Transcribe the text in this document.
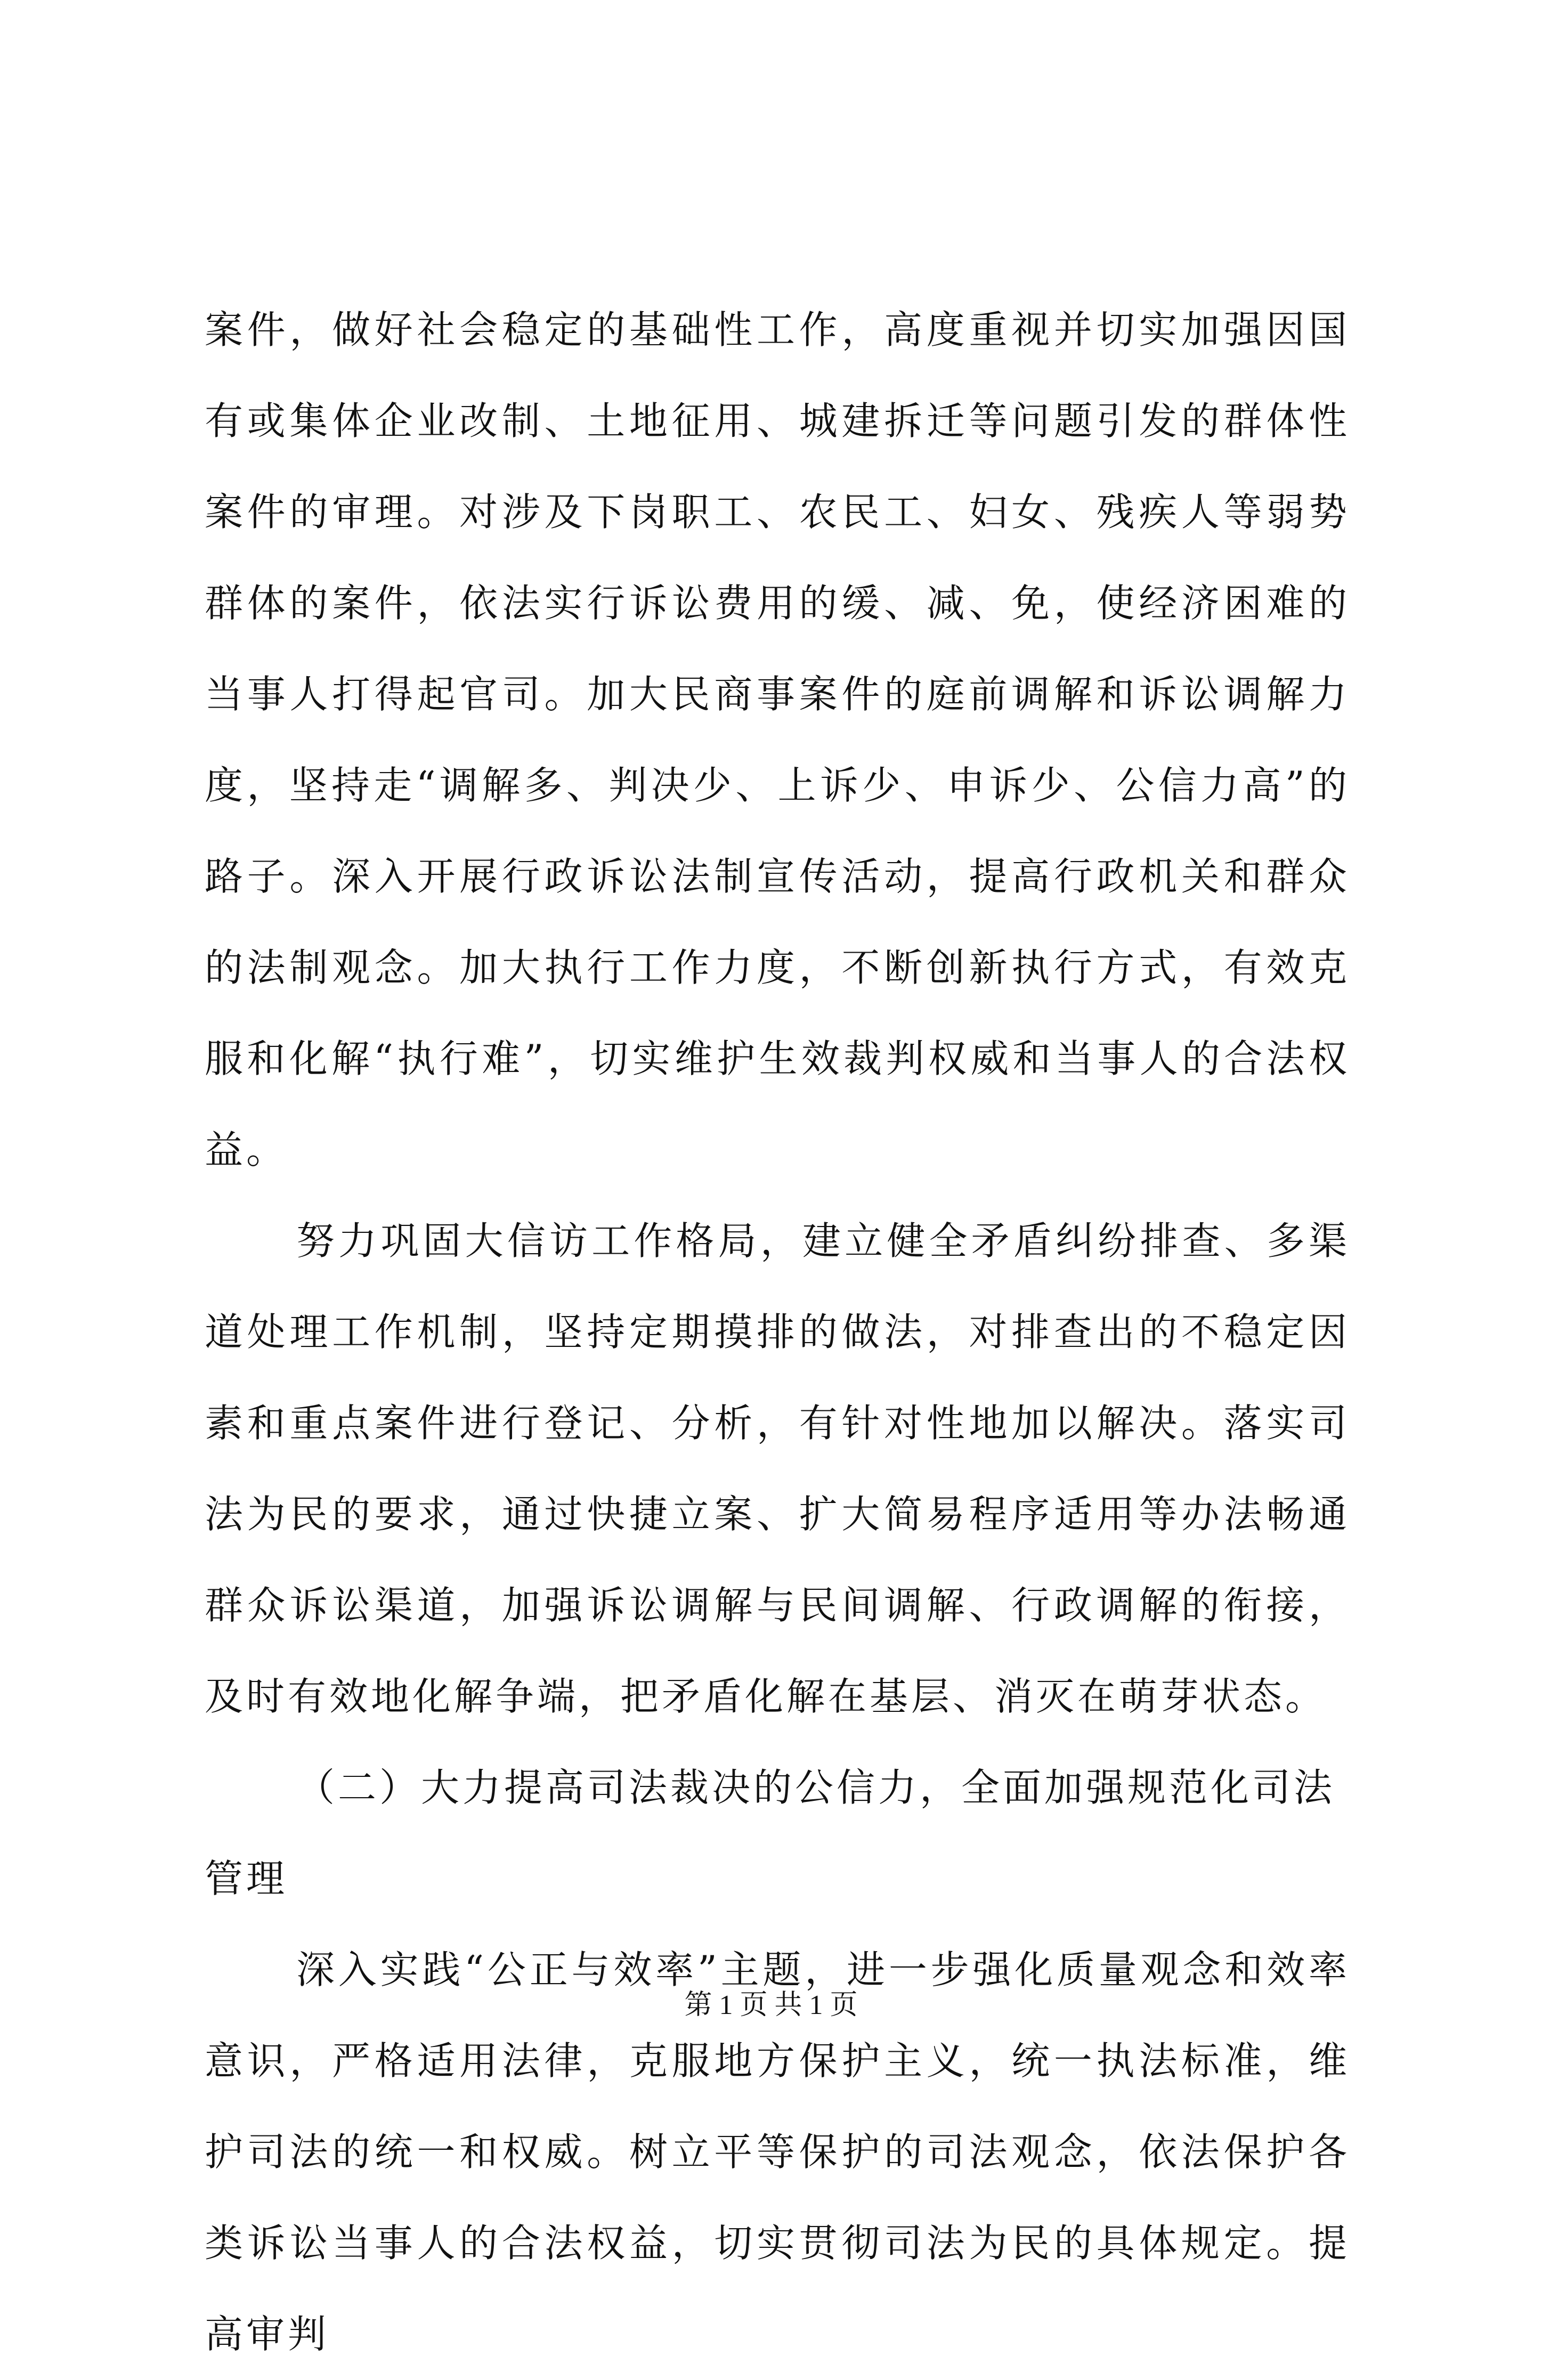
案件，做好社会稳定的基础性工作，高度重视并切实加强因国有或集体企业改制、土地征用、城建拆迁等问题引发的群体性案件的审理。对涉及下岗职工、农民工、妇女、残疾人等弱势群体的案件，依法实行诉讼费用的缓、减、免，使经济困难的当事人打得起官司。加大民商事案件的庭前调解和诉讼调解力度，坚持走“调解多、判决少、上诉少、申诉少、公信力高”的路子。深入开展行政诉讼法制宣传活动，提高行政机关和群众的法制观念。加大执行工作力度，不断创新执行方式，有效克服和化解“执行难”，切实维护生效裁判权威和当事人的合法权益。

努力巩固大信访工作格局，建立健全矛盾纠纷排查、多渠道处理工作机制，坚持定期摸排的做法，对排查出的不稳定因素和重点案件进行登记、分析，有针对性地加以解决。落实司法为民的要求，通过快捷立案、扩大简易程序适用等办法畅通群众诉讼渠道，加强诉讼调解与民间调解、行政调解的衔接，及时有效地化解争端，把矛盾化解在基层、消灭在萌芽状态。

（二）大力提高司法裁决的公信力，全面加强规范化司法管理

深入实践“公正与效率”主题，进一步强化质量观念和效率意识，严格适用法律，克服地方保护主义，统一执法标准，维护司法的统一和权威。树立平等保护的司法观念，依法保护各类诉讼当事人的合法权益，切实贯彻司法为民的具体规定。提高审判

第 1 页 共 1 页
